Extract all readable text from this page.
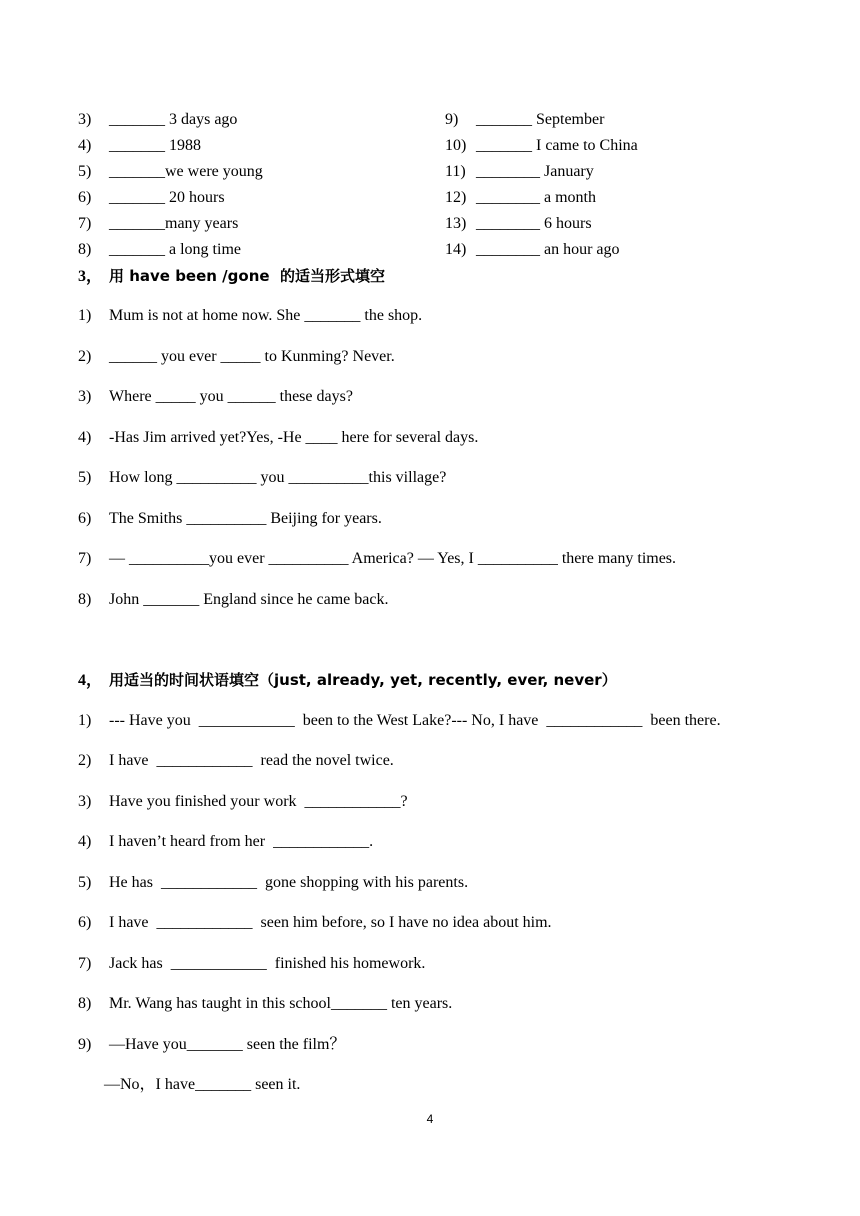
3) _______ 3 days ago
4) _______ 1988
5) _______we were young
6) _______ 20 hours
7) _______many years
8) _______ a long time
9) _______ September
10) _______ I came to China
11) ________ January
12) ________ a month
13) ________ 6 hours
14) ________ an hour ago
3， 用 have been /gone  的适当形式填空
1) Mum is not at home now. She _______ the shop.
2) ______ you ever _____ to Kunming? Never.
3) Where _____ you ______ these days?
4) -Has Jim arrived yet?Yes, -He ____ here for several days.
5) How long __________ you __________this village?
6) The Smiths __________ Beijing for years.
7) — __________you ever __________ America? — Yes, I __________ there many times.
8) John _______ England since he came back.
4， 用适当的时间状语填空（just, already, yet, recently, ever, never）
1) --- Have you  ____________  been to the West Lake?--- No, I have  ____________  been there.
2) I have  ____________  read the novel twice.
3) Have you finished your work  ____________?
4) I haven’t heard from her  ____________.
5) He has  ____________  gone shopping with his parents.
6) I have  ____________  seen him before, so I have no idea about him.
7) Jack has  ____________  finished his homework.
8) Mr. Wang has taught in this school_______ ten years.
9) —Have you_______ seen the film？
—No，I have_______ seen it.
4
